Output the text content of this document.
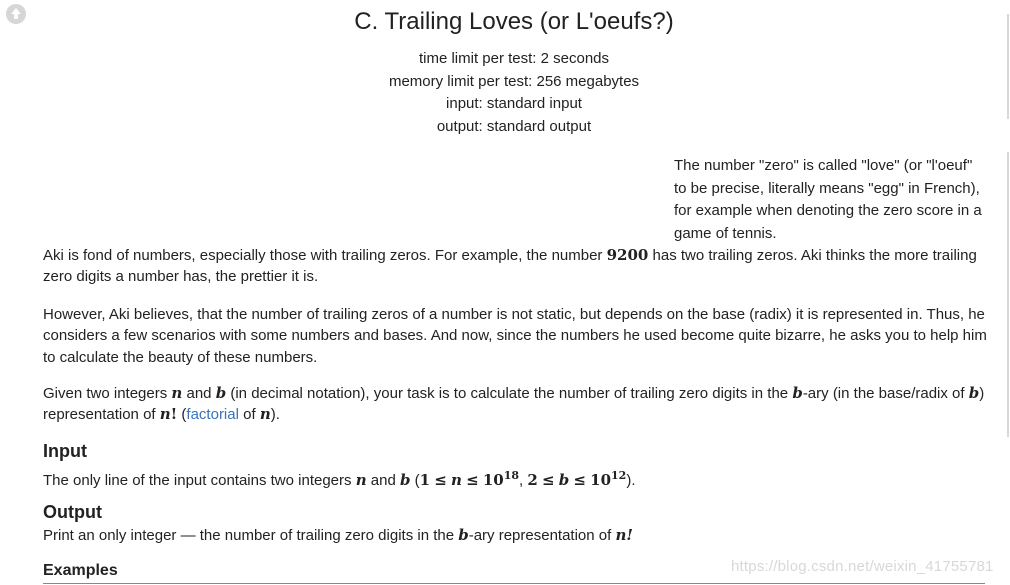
C. Trailing Loves (or L'oeufs?)
time limit per test: 2 seconds
memory limit per test: 256 megabytes
input: standard input
output: standard output
The number "zero" is called "love" (or "l'oeuf" to be precise, literally means "egg" in French), for example when denoting the zero score in a game of tennis.
Aki is fond of numbers, especially those with trailing zeros. For example, the number 9200 has two trailing zeros. Aki thinks the more trailing zero digits a number has, the prettier it is.
However, Aki believes, that the number of trailing zeros of a number is not static, but depends on the base (radix) it is represented in. Thus, he considers a few scenarios with some numbers and bases. And now, since the numbers he used become quite bizarre, he asks you to help him to calculate the beauty of these numbers.
Given two integers n and b (in decimal notation), your task is to calculate the number of trailing zero digits in the b-ary (in the base/radix of b) representation of n! (factorial of n).
Input
The only line of the input contains two integers n and b ($1 \le n \le 10^{18}$, $2 \le b \le 10^{12}$).
Output
Print an only integer — the number of trailing zero digits in the b-ary representation of n!
Examples	https://blog.csdn.net/weixin_41755781
